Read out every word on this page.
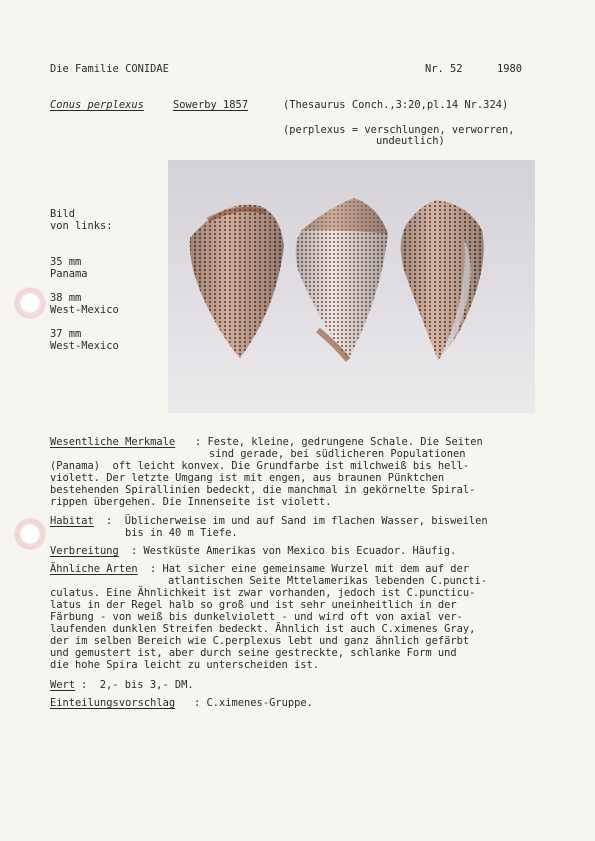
Die Familie CONIDAE	Nr. 52	1980
Conus perplexus	Sowerby 1857	(Thesaurus Conch.,3:20,pl.14 Nr.324)
(perplexus = verschlungen, verworren,
undeutlich)
Bild
von links:
35 mm
Panama
38 mm
West-Mexico
37 mm
West-Mexico
Wesentliche Merkmale : Feste, kleine, gedrungene Schale. Die Seiten
sind gerade, bei südlicheren Populationen
(Panama)  oft leicht konvex. Die Grundfarbe ist milchweiß bis hell-
violett. Der letzte Umgang ist mit engen, aus braunen Pünktchen
bestehenden Spirallinien bedeckt, die manchmal in gekörnelte Spiral-
rippen übergehen. Die Innenseite ist violett.
Habitat :  Üblicherweise im und auf Sand im flachen Wasser, bisweilen
bis in 40 m Tiefe.
Verbreitung : Westküste Amerikas von Mexico bis Ecuador. Häufig.
Ähnliche Arten : Hat sicher eine gemeinsame Wurzel mit dem auf der
atlantischen Seite Mttelamerikas lebenden C.puncti-
culatus. Eine Ähnlichkeit ist zwar vorhanden, jedoch ist C.puncticu-
latus in der Regel halb so groß und ist sehr uneinheitlich in der
Färbung - von weiß bis dunkelviolett - und wird oft von axial ver-
laufenden dunklen Streifen bedeckt. Ähnlich ist auch C.ximenes Gray,
der im selben Bereich wie C.perplexus lebt und ganz ähnlich gefärbt
und gemustert ist, aber durch seine gestreckte, schlanke Form und
die hohe Spira leicht zu unterscheiden ist.
Wert :  2,- bis 3,- DM.
Einteilungsvorschlag : C.ximenes-Gruppe.
